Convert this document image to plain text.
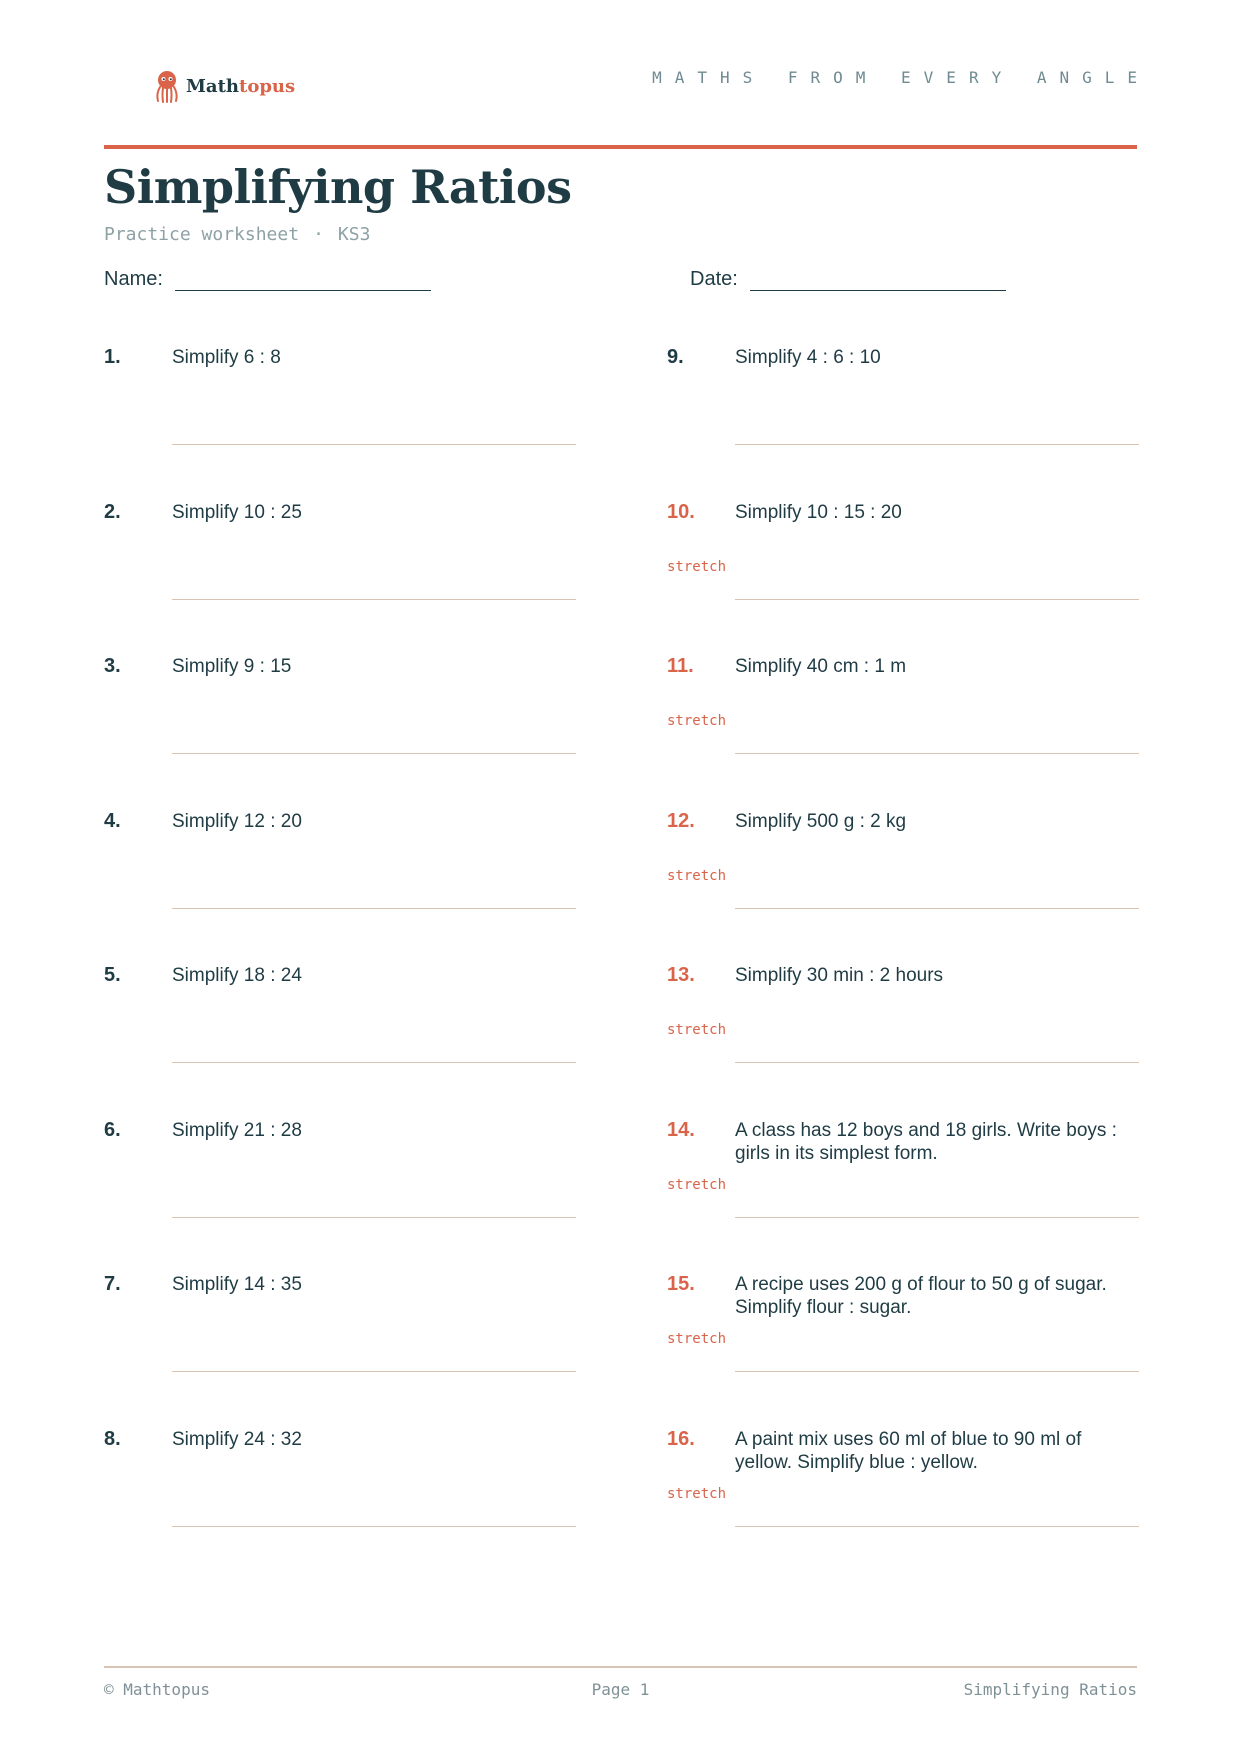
Mathtopus	MATHS FROM EVERY ANGLE
Simplifying Ratios
Practice worksheet · KS3
Name:	Date:
1.	Simplify 6 : 8
2.	Simplify 10 : 25
3.	Simplify 9 : 15
4.	Simplify 12 : 20
5.	Simplify 18 : 24
6.	Simplify 21 : 28
7.	Simplify 14 : 35
8.	Simplify 24 : 32
9.	Simplify 4 : 6 : 10
10. Simplify 10 : 15 : 20
stretch
11. Simplify 40 cm : 1 m
stretch
12. Simplify 500 g : 2 kg
stretch
13. Simplify 30 min : 2 hours
stretch
14. A class has 12 boys and 18 girls. Write boys : girls in its simplest form.
stretch
15. A recipe uses 200 g of flour to 50 g of sugar. Simplify flour : sugar.
stretch
16. A paint mix uses 60 ml of blue to 90 ml of yellow. Simplify blue : yellow.
stretch
© Mathtopus	Page 1	Simplifying Ratios
